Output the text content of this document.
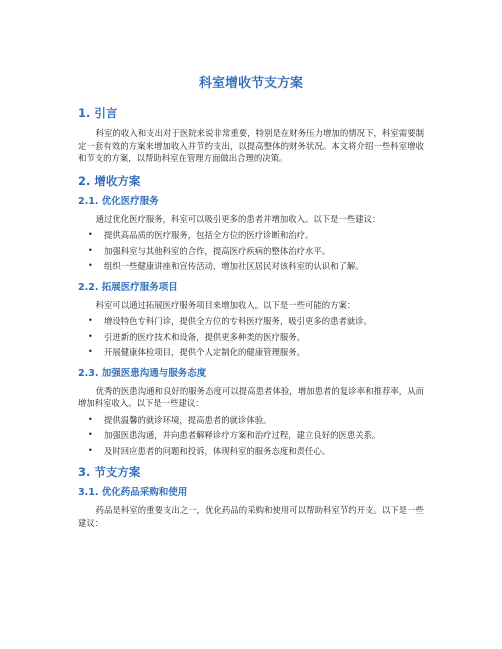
科室增收节支方案
1. 引言

科室的收入和支出对于医院来说非常重要，特别是在财务压力增加的情况下，科室需要制定一套有效的方案来增加收入并节约支出，以提高整体的财务状况。本文将介绍一些科室增收和节支的方案，以帮助科室在管理方面做出合理的决策。

2. 增收方案
2.1. 优化医疗服务

通过优化医疗服务，科室可以吸引更多的患者并增加收入。以下是一些建议：

• 提供高品质的医疗服务，包括全方位的医疗诊断和治疗。
• 加强科室与其他科室的合作，提高医疗疾病的整体治疗水平。
• 组织一些健康讲座和宣传活动，增加社区居民对该科室的认识和了解。
2.2. 拓展医疗服务项目

科室可以通过拓展医疗服务项目来增加收入。以下是一些可能的方案：

• 增设特色专科门诊，提供全方位的专科医疗服务，吸引更多的患者就诊。
• 引进新的医疗技术和设备，提供更多种类的医疗服务。
• 开展健康体检项目，提供个人定制化的健康管理服务。
2.3. 加强医患沟通与服务态度

优秀的医患沟通和良好的服务态度可以提高患者体验，增加患者的复诊率和推荐率，从而增加科室收入。以下是一些建议：

• 提供温馨的就诊环境，提高患者的就诊体验。
• 加强医患沟通，并向患者解释诊疗方案和治疗过程，建立良好的医患关系。
• 及时回应患者的问题和投诉，体现科室的服务态度和责任心。
3. 节支方案
3.1. 优化药品采购和使用

药品是科室的重要支出之一，优化药品的采购和使用可以帮助科室节约开支。以下是一些建议：
